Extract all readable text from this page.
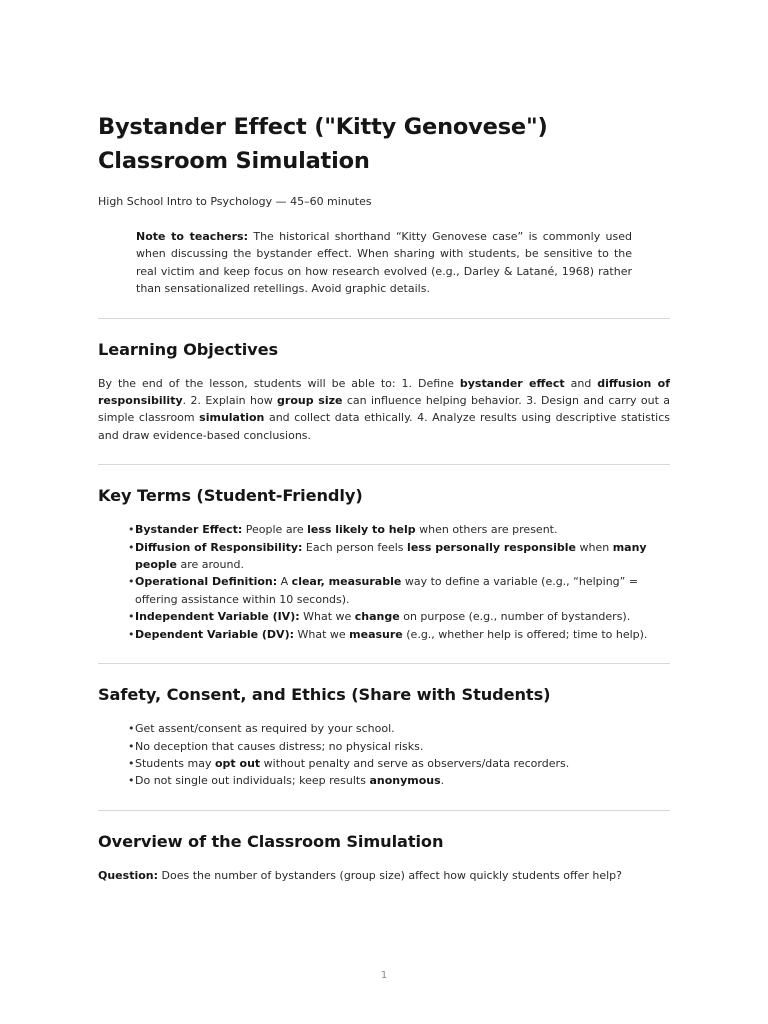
Bystander Effect ("Kitty Genovese") Classroom Simulation
High School Intro to Psychology — 45–60 minutes

Note to teachers: The historical shorthand “Kitty Genovese case” is commonly used when discussing the bystander effect. When sharing with students, be sensitive to the real victim and keep focus on how research evolved (e.g., Darley & Latané, 1968) rather than sensationalized retellings. Avoid graphic details.

Learning Objectives

By the end of the lesson, students will be able to: 1. Define bystander effect and diffusion of responsibility. 2. Explain how group size can influence helping behavior. 3. Design and carry out a simple classroom simulation and collect data ethically. 4. Analyze results using descriptive statistics and draw evidence-based conclusions.

Key Terms (Student-Friendly)
• Bystander Effect: People are less likely to help when others are present.
• Diffusion of Responsibility: Each person feels less personally responsible when many people are around.
• Operational Definition: A clear, measurable way to define a variable (e.g., “helping” = offering assistance within 10 seconds).
• Independent Variable (IV): What we change on purpose (e.g., number of bystanders).
• Dependent Variable (DV): What we measure (e.g., whether help is offered; time to help).
Safety, Consent, and Ethics (Share with Students)
• Get assent/consent as required by your school.
• No deception that causes distress; no physical risks.
• Students may opt out without penalty and serve as observers/data recorders.
• Do not single out individuals; keep results anonymous.
Overview of the Classroom Simulation

Question: Does the number of bystanders (group size) affect how quickly students offer help?

1
